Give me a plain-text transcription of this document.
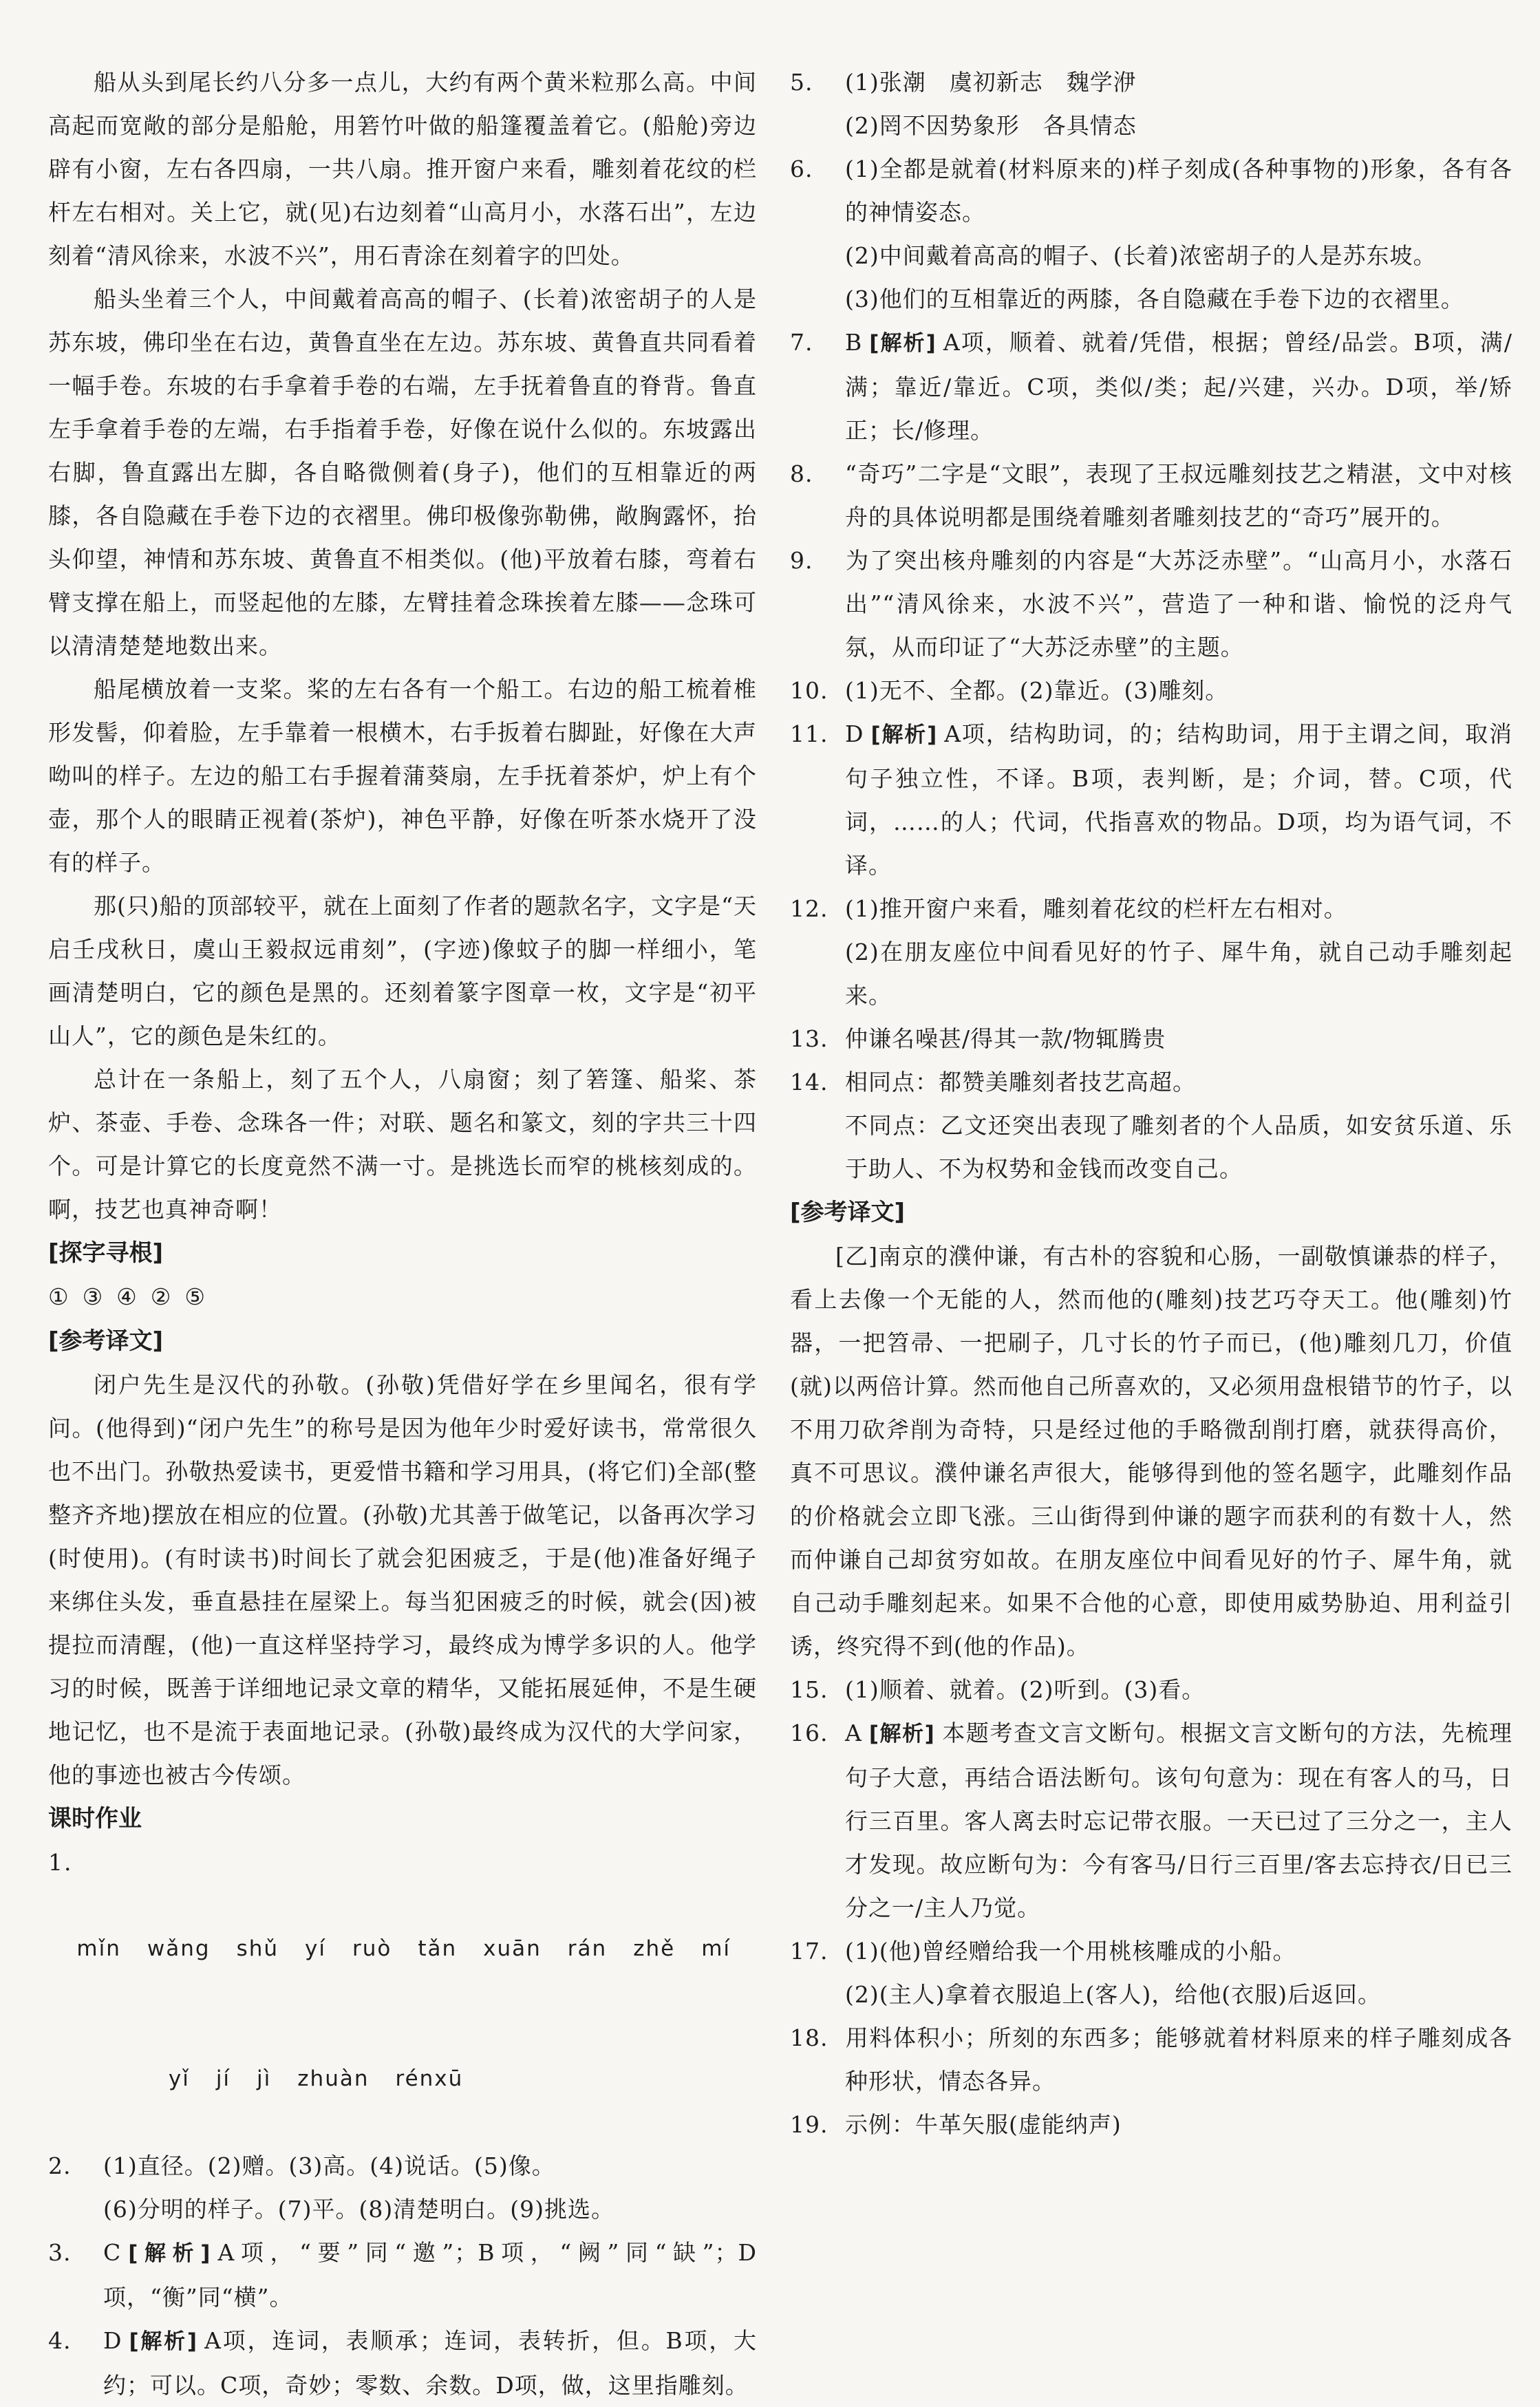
船从头到尾长约八分多一点儿，大约有两个黄米粒那么高。中间高起而宽敞的部分是船舱，用箬竹叶做的船篷覆盖着它。(船舱)旁边辟有小窗，左右各四扇，一共八扇。推开窗户来看，雕刻着花纹的栏杆左右相对。关上它，就(见)右边刻着“山高月小，水落石出”，左边刻着“清风徐来，水波不兴”，用石青涂在刻着字的凹处。

船头坐着三个人，中间戴着高高的帽子、(长着)浓密胡子的人是苏东坡，佛印坐在右边，黄鲁直坐在左边。苏东坡、黄鲁直共同看着一幅手卷。东坡的右手拿着手卷的右端，左手抚着鲁直的脊背。鲁直左手拿着手卷的左端，右手指着手卷，好像在说什么似的。东坡露出右脚，鲁直露出左脚，各自略微侧着(身子)，他们的互相靠近的两膝，各自隐藏在手卷下边的衣褶里。佛印极像弥勒佛，敞胸露怀，抬头仰望，神情和苏东坡、黄鲁直不相类似。(他)平放着右膝，弯着右臂支撑在船上，而竖起他的左膝，左臂挂着念珠挨着左膝——念珠可以清清楚楚地数出来。

船尾横放着一支桨。桨的左右各有一个船工。右边的船工梳着椎形发髻，仰着脸，左手靠着一根横木，右手扳着右脚趾，好像在大声呦叫的样子。左边的船工右手握着蒲葵扇，左手抚着茶炉，炉上有个壶，那个人的眼睛正视着(茶炉)，神色平静，好像在听茶水烧开了没有的样子。

那(只)船的顶部较平，就在上面刻了作者的题款名字，文字是“天启壬戌秋日，虞山王毅叔远甫刻”，(字迹)像蚊子的脚一样细小，笔画清楚明白，它的颜色是黑的。还刻着篆字图章一枚，文字是“初平山人”，它的颜色是朱红的。

总计在一条船上，刻了五个人，八扇窗；刻了箬篷、船桨、茶炉、茶壶、手卷、念珠各一件；对联、题名和篆文，刻的字共三十四个。可是计算它的长度竟然不满一寸。是挑选长而窄的桃核刻成的。啊，技艺也真神奇啊！

[探字寻根]

①③④②⑤

[参考译文]

闭户先生是汉代的孙敬。(孙敬)凭借好学在乡里闻名，很有学问。(他得到)“闭户先生”的称号是因为他年少时爱好读书，常常很久也不出门。孙敬热爱读书，更爱惜书籍和学习用具，(将它们)全部(整整齐齐地)摆放在相应的位置。(孙敬)尤其善于做笔记，以备再次学习(时使用)。(有时读书)时间长了就会犯困疲乏，于是(他)准备好绳子来绑住头发，垂直悬挂在屋梁上。每当犯困疲乏的时候，就会(因)被提拉而清醒，(他)一直这样坚持学习，最终成为博学多识的人。他学习的时候，既善于详细地记录文章的精华，又能拓展延伸，不是生硬地记忆，也不是流于表面地记录。(孙敬)最终成为汉代的大学问家，他的事迹也被古今传颂。

课时作业

1.

mǐn wǎng shǔ yí ruò tǎn xuān rán zhě mí

yǐ jí jì zhuàn rénxū

2. (1)直径。(2)赠。(3)高。(4)说话。(5)像。

(6)分明的样子。(7)平。(8)清楚明白。(9)挑选。

3. C [解析] A项，“要”同“邀”；B项，“阙”同“缺”；D项，“衡”同“横”。

4. D [解析] A项，连词，表顺承；连词，表转折，但。B项，大约；可以。C项，奇妙；零数、余数。D项，做，这里指雕刻。

5. (1)张潮　虞初新志　魏学洢

(2)罔不因势象形　各具情态

6. (1)全都是就着(材料原来的)样子刻成(各种事物的)形象，各有各的神情姿态。

(2)中间戴着高高的帽子、(长着)浓密胡子的人是苏东坡。

(3)他们的互相靠近的两膝，各自隐藏在手卷下边的衣褶里。

7. B [解析] A项，顺着、就着/凭借，根据；曾经/品尝。B项，满/满；靠近/靠近。C项，类似/类；起/兴建，兴办。D项，举/矫正；长/修理。

8. “奇巧”二字是“文眼”，表现了王叔远雕刻技艺之精湛，文中对核舟的具体说明都是围绕着雕刻者雕刻技艺的“奇巧”展开的。

9. 为了突出核舟雕刻的内容是“大苏泛赤壁”。“山高月小，水落石出”“清风徐来，水波不兴”，营造了一种和谐、愉悦的泛舟气氛，从而印证了“大苏泛赤壁”的主题。

10. (1)无不、全都。(2)靠近。(3)雕刻。

11. D [解析] A项，结构助词，的；结构助词，用于主谓之间，取消句子独立性，不译。B项，表判断，是；介词，替。C项，代词，……的人；代词，代指喜欢的物品。D项，均为语气词，不译。

12. (1)推开窗户来看，雕刻着花纹的栏杆左右相对。

(2)在朋友座位中间看见好的竹子、犀牛角，就自己动手雕刻起来。

13. 仲谦名噪甚/得其一款/物辄腾贵

14. 相同点：都赞美雕刻者技艺高超。

不同点：乙文还突出表现了雕刻者的个人品质，如安贫乐道、乐于助人、不为权势和金钱而改变自己。

[参考译文]

[乙]南京的濮仲谦，有古朴的容貌和心肠，一副敬慎谦恭的样子，看上去像一个无能的人，然而他的(雕刻)技艺巧夺天工。他(雕刻)竹器，一把笤帚、一把刷子，几寸长的竹子而已，(他)雕刻几刀，价值(就)以两倍计算。然而他自己所喜欢的，又必须用盘根错节的竹子，以不用刀砍斧削为奇特，只是经过他的手略微刮削打磨，就获得高价，真不可思议。濮仲谦名声很大，能够得到他的签名题字，此雕刻作品的价格就会立即飞涨。三山街得到仲谦的题字而获利的有数十人，然而仲谦自己却贫穷如故。在朋友座位中间看见好的竹子、犀牛角，就自己动手雕刻起来。如果不合他的心意，即使用威势胁迫、用利益引诱，终究得不到(他的作品)。

15. (1)顺着、就着。(2)听到。(3)看。

16. A [解析] 本题考查文言文断句。根据文言文断句的方法，先梳理句子大意，再结合语法断句。该句句意为：现在有客人的马，日行三百里。客人离去时忘记带衣服。一天已过了三分之一，主人才发现。故应断句为：今有客马/日行三百里/客去忘持衣/日已三分之一/主人乃觉。

17. (1)(他)曾经赠给我一个用桃核雕成的小船。

(2)(主人)拿着衣服追上(客人)，给他(衣服)后返回。

18. 用料体积小；所刻的东西多；能够就着材料原来的样子雕刻成各种形状，情态各异。

19. 示例：牛革矢服(虚能纳声)
